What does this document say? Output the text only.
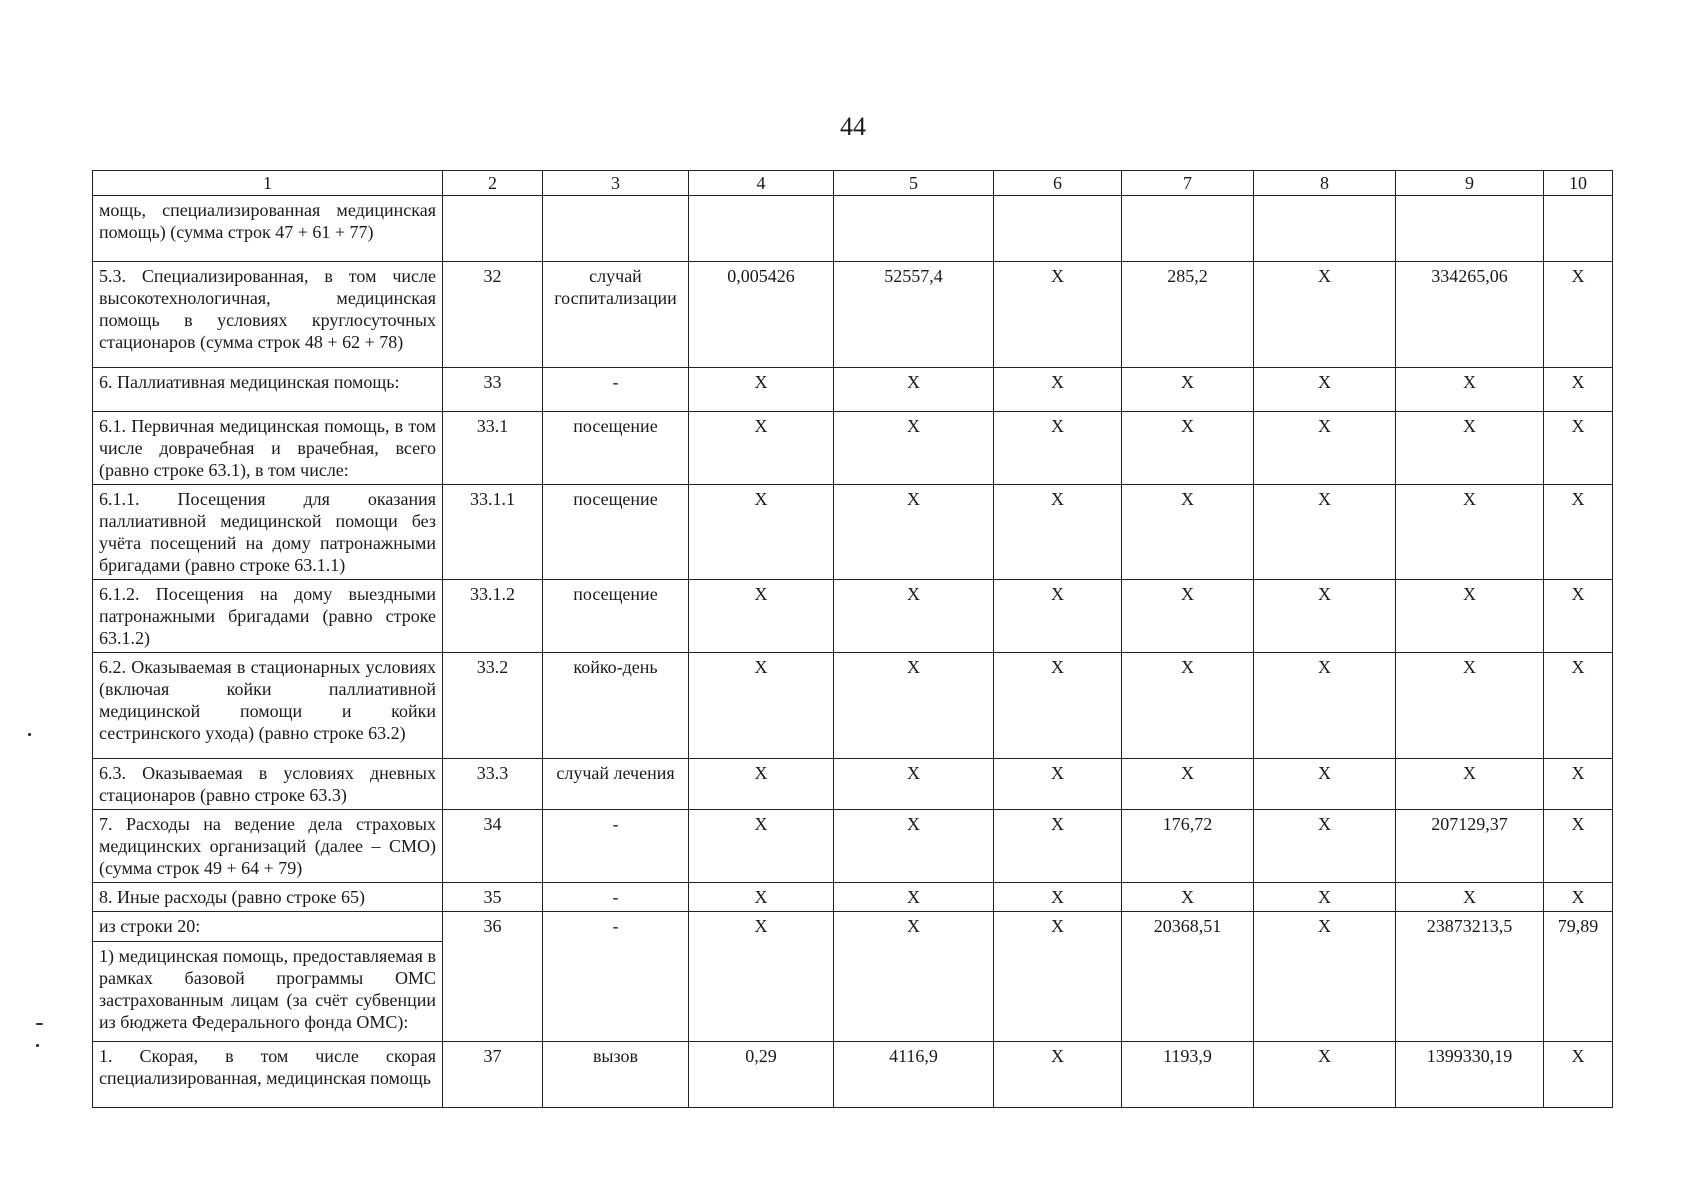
44
1	2	3	4	5	6	7	8	9	10
мощь, специализированная медицинская помощь) (сумма строк 47 + 61 + 77)									
5.3. Специализированная, в том числе высокотехнологичная, медицинская помощь в условиях круглосуточных стационаров (сумма строк 48 + 62 + 78)	32	случай госпитализации	0,005426	52557,4	X	285,2	X	334265,06	X
6. Паллиативная медицинская помощь:	33	-	X	X	X	X	X	X	X
6.1. Первичная медицинская помощь, в том числе доврачебная и врачебная, всего (равно строке 63.1), в том числе:	33.1	посещение	X	X	X	X	X	X	X
6.1.1. Посещения для оказания паллиативной медицинской помощи без учёта посещений на дому патронажными бригадами (равно строке 63.1.1)	33.1.1	посещение	X	X	X	X	X	X	X
6.1.2. Посещения на дому выездными патронажными бригадами (равно строке 63.1.2)	33.1.2	посещение	X	X	X	X	X	X	X
6.2. Оказываемая в стационарных условиях (включая койки паллиативной медицинской помощи и койки сестринского ухода) (равно строке 63.2)	33.2	койко-день	X	X	X	X	X	X	X
6.3. Оказываемая в условиях дневных стационаров (равно строке 63.3)	33.3	случай лечения	X	X	X	X	X	X	X
7. Расходы на ведение дела страховых медицинских организаций (далее – СМО) (сумма строк 49 + 64 + 79)	34	-	X	X	X	176,72	X	207129,37	X
8. Иные расходы (равно строке 65)	35	-	X	X	X	X	X	X	X
из строки 20:
1) медицинская помощь, предоставляемая в рамках базовой программы ОМС застрахованным лицам (за счёт субвенции из бюджета Федерального фонда ОМС):	36	-	X	X	X	20368,51	X	23873213,5	79,89
1. Скорая, в том числе скорая специализированная, медицинская помощь	37	вызов	0,29	4116,9	X	1193,9	X	1399330,19	X
